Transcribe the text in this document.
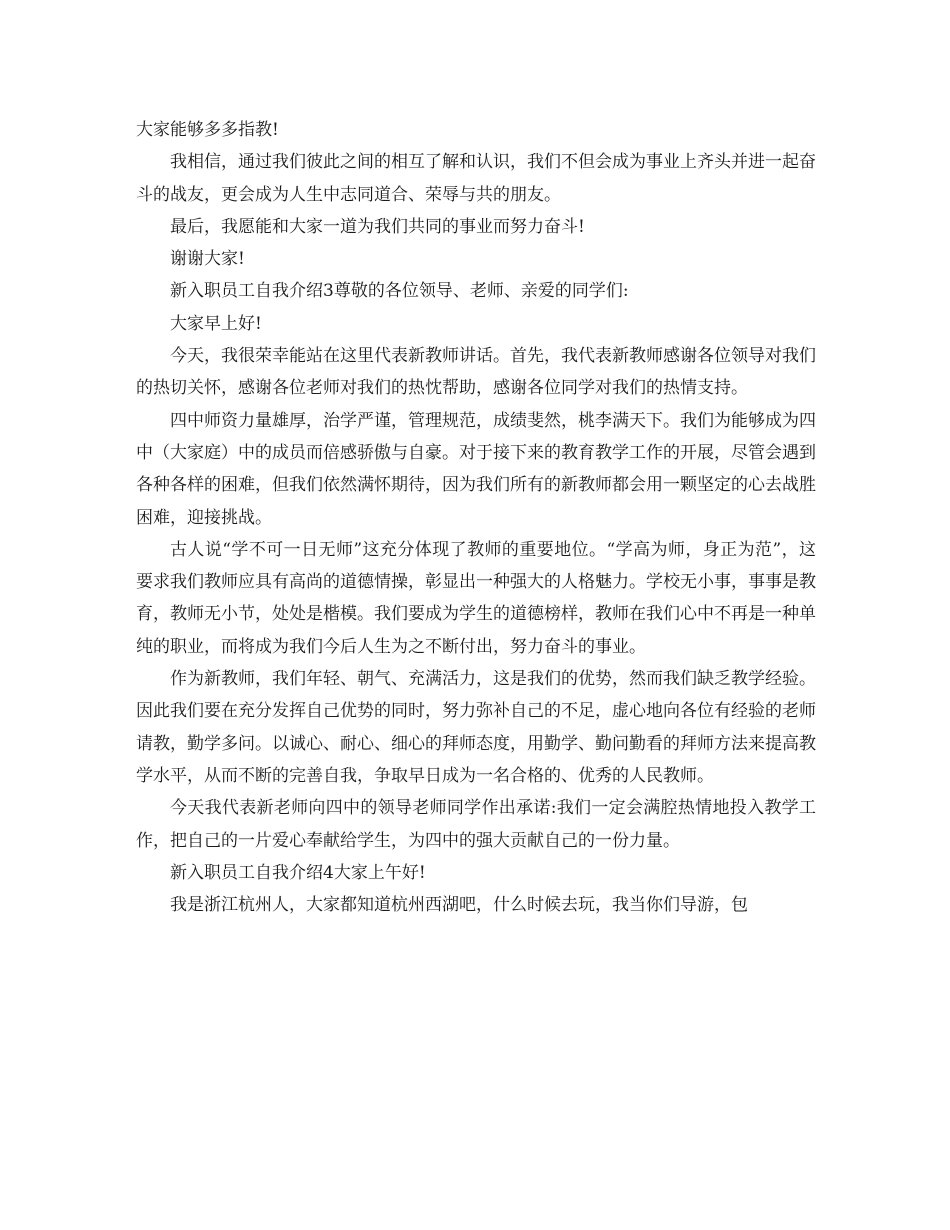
大家能够多多指教!

我相信，通过我们彼此之间的相互了解和认识，我们不但会成为事业上齐头并进一起奋斗的战友，更会成为人生中志同道合、荣辱与共的朋友。

最后，我愿能和大家一道为我们共同的事业而努力奋斗!

谢谢大家!

新入职员工自我介绍3尊敬的各位领导、老师、亲爱的同学们:

大家早上好!

今天，我很荣幸能站在这里代表新教师讲话。首先，我代表新教师感谢各位领导对我们的热切关怀，感谢各位老师对我们的热忱帮助，感谢各位同学对我们的热情支持。

四中师资力量雄厚，治学严谨，管理规范，成绩斐然，桃李满天下。我们为能够成为四中（大家庭）中的成员而倍感骄傲与自豪。对于接下来的教育教学工作的开展，尽管会遇到各种各样的困难，但我们依然满怀期待，因为我们所有的新教师都会用一颗坚定的心去战胜困难，迎接挑战。

古人说“学不可一日无师”这充分体现了教师的重要地位。“学高为师，身正为范”，这要求我们教师应具有高尚的道德情操，彰显出一种强大的人格魅力。学校无小事，事事是教育，教师无小节，处处是楷模。我们要成为学生的道德榜样，教师在我们心中不再是一种单纯的职业，而将成为我们今后人生为之不断付出，努力奋斗的事业。

作为新教师，我们年轻、朝气、充满活力，这是我们的优势，然而我们缺乏教学经验。因此我们要在充分发挥自己优势的同时，努力弥补自己的不足，虚心地向各位有经验的老师请教，勤学多问。以诚心、耐心、细心的拜师态度，用勤学、勤问勤看的拜师方法来提高教学水平，从而不断的完善自我，争取早日成为一名合格的、优秀的人民教师。

今天我代表新老师向四中的领导老师同学作出承诺:我们一定会满腔热情地投入教学工作，把自己的一片爱心奉献给学生，为四中的强大贡献自己的一份力量。

新入职员工自我介绍4大家上午好!

我是浙江杭州人，大家都知道杭州西湖吧，什么时候去玩，我当你们导游，包
